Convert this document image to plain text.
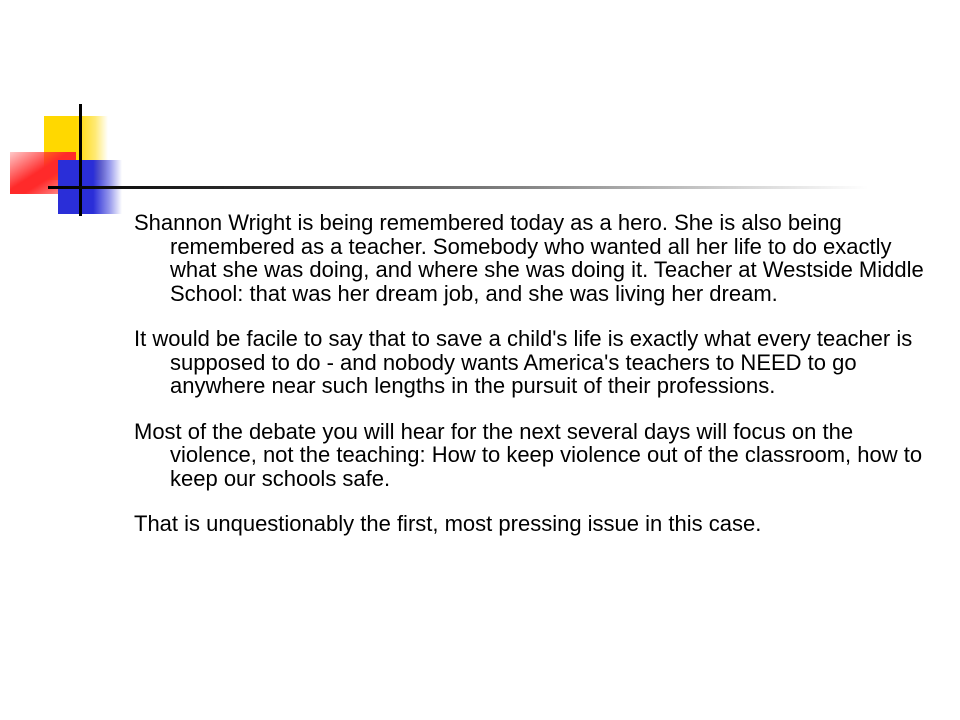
Shannon Wright is being remembered today as a hero. She is also being remembered as a teacher. Somebody who wanted all her life to do exactly what she was doing, and where she was doing it. Teacher at Westside Middle School: that was her dream job, and she was living her dream.

It would be facile to say that to save a child's life is exactly what every teacher is supposed to do - and nobody wants America's teachers to NEED to go anywhere near such lengths in the pursuit of their professions.

Most of the debate you will hear for the next several days will focus on the violence, not the teaching: How to keep violence out of the classroom, how to keep our schools safe.

That is unquestionably the first, most pressing issue in this case.
